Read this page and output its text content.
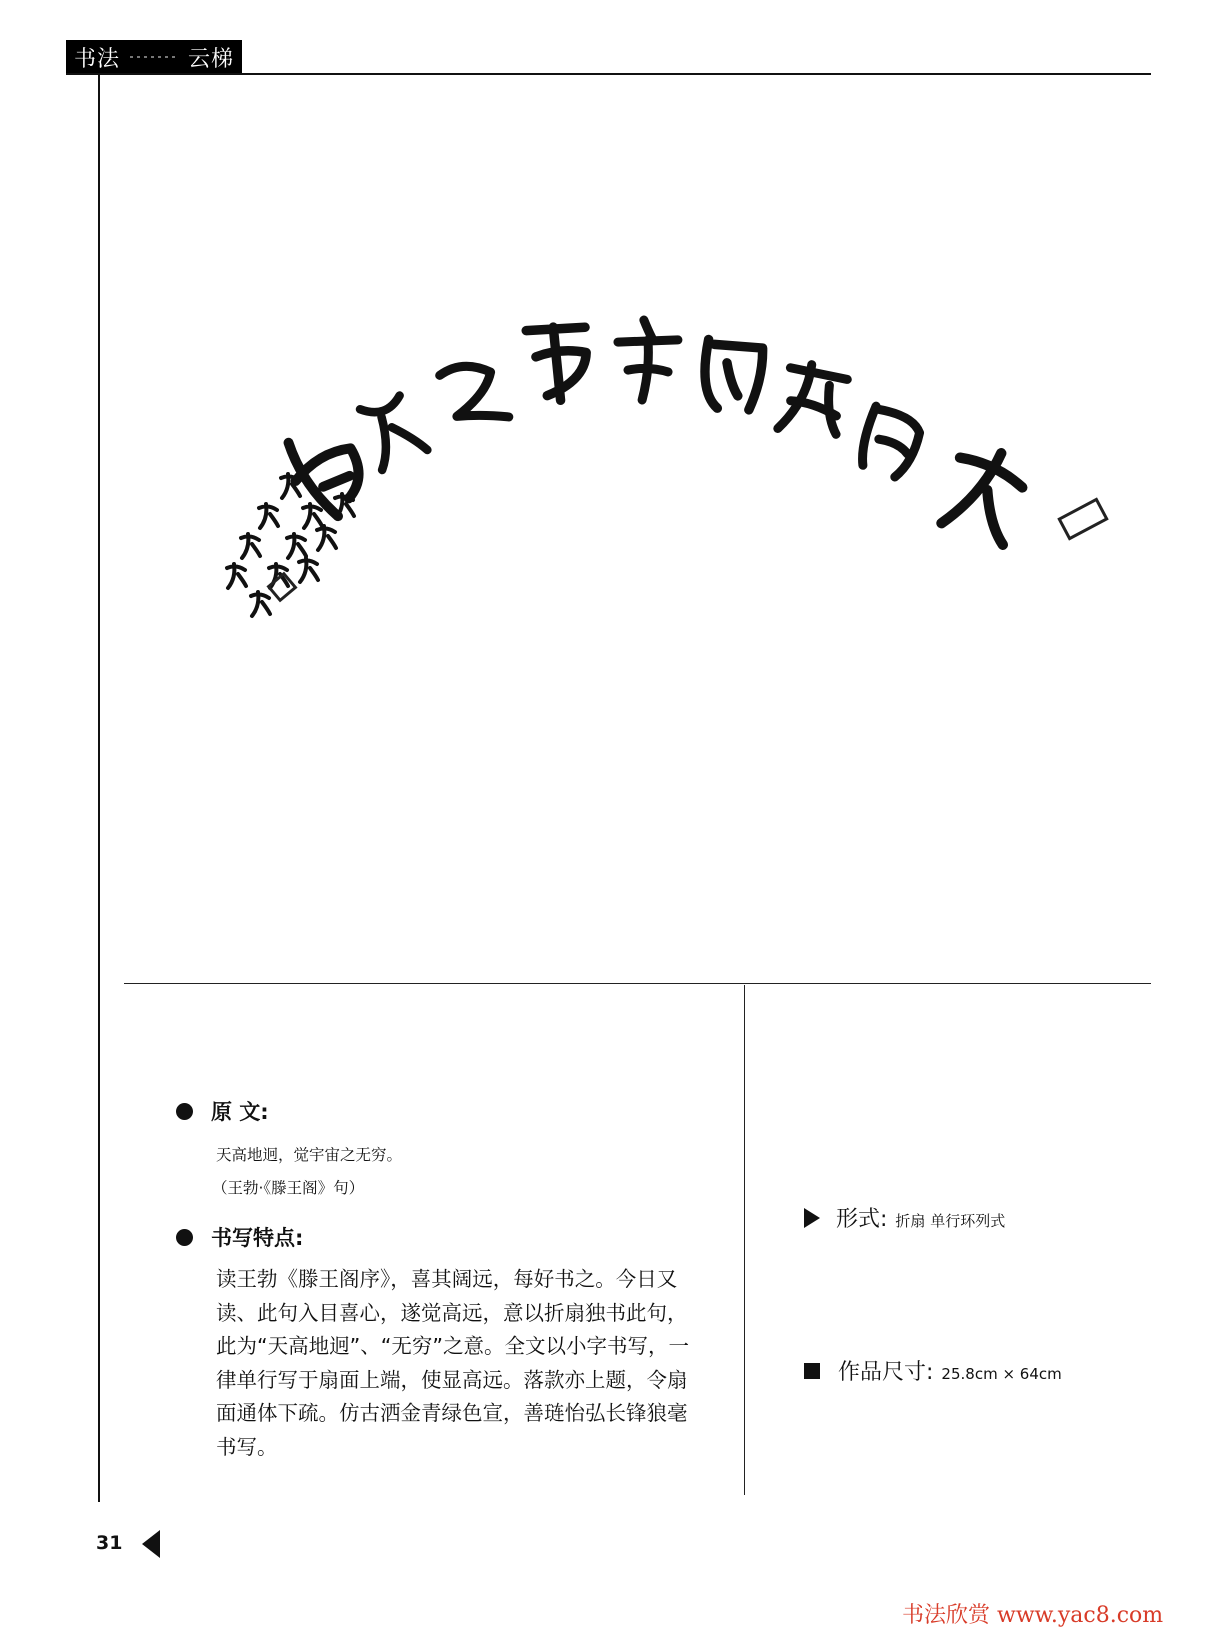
书法	云梯
原 文:
天高地迥，觉宇宙之无穷。
（王勃·《滕王阁》句）
书写特点:
读王勃《滕王阁序》，喜其阔远，每好书之。今日又读、此句入目喜心，遂觉高远，意以折扇独书此句，此为“天高地迥”、“无穷”之意。全文以小字书写，一律单行写于扇面上端，使显高远。落款亦上题，令扇面通体下疏。仿古洒金青绿色宣，善琏怡弘长锋狼毫书写。
形式: 折扇 单行环列式
作品尺寸: 25.8cm × 64cm
31
书法欣赏 www.yac8.com
